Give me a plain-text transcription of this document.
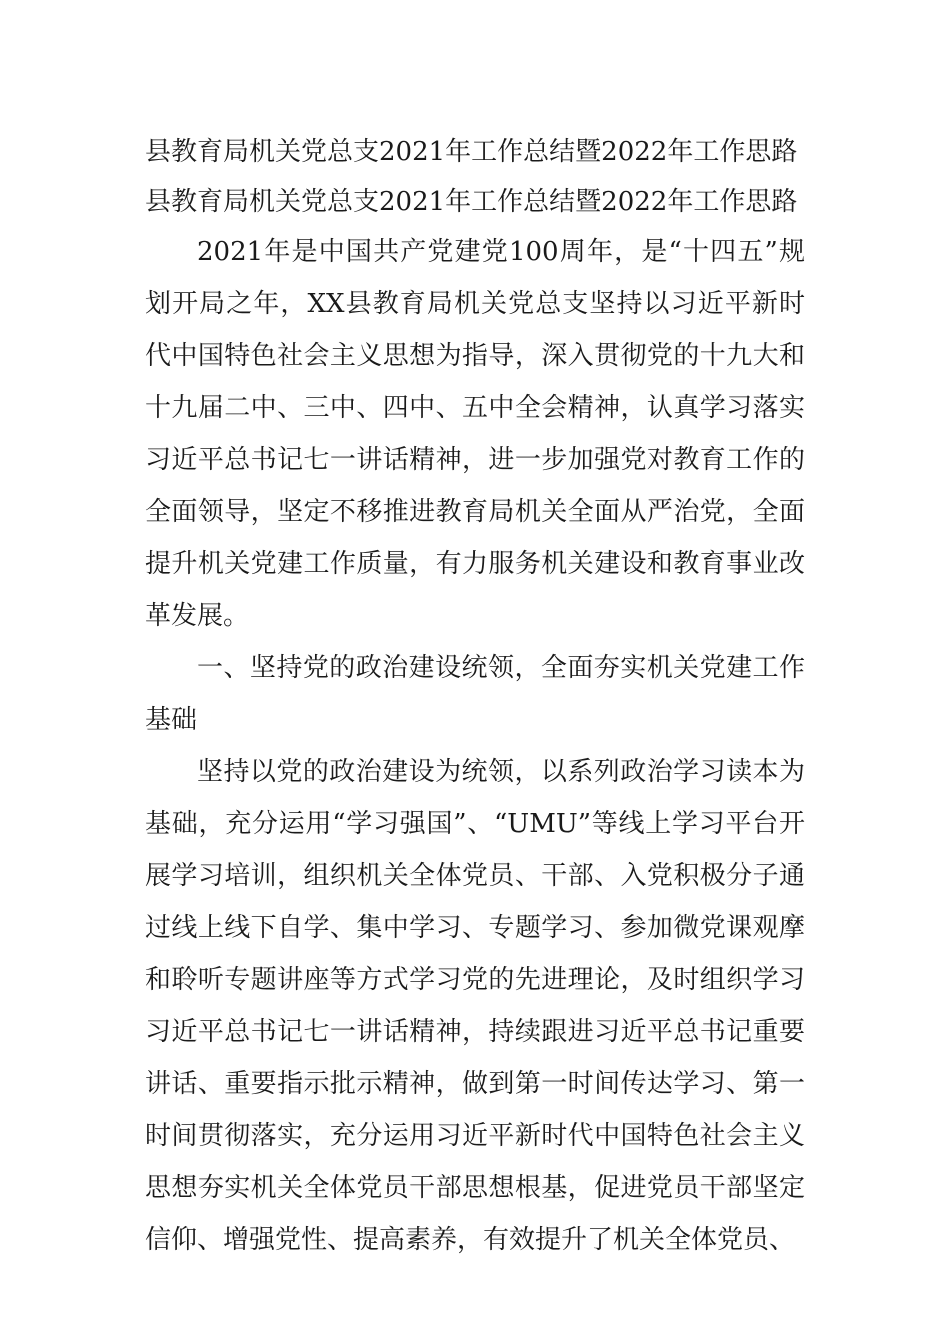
县教育局机关党总支2021年工作总结暨2022年工作思路
县教育局机关党总支2021年工作总结暨2022年工作思路

2021年是中国共产党建党100周年，是“十四五”规划开局之年，XX县教育局机关党总支坚持以习近平新时代中国特色社会主义思想为指导，深入贯彻党的十九大和十九届二中、三中、四中、五中全会精神，认真学习落实习近平总书记七一讲话精神，进一步加强党对教育工作的全面领导，坚定不移推进教育局机关全面从严治党，全面提升机关党建工作质量，有力服务机关建设和教育事业改革发展。

一、坚持党的政治建设统领，全面夯实机关党建工作基础

坚持以党的政治建设为统领，以系列政治学习读本为基础，充分运用“学习强国”、“UMU”等线上学习平台开展学习培训，组织机关全体党员、干部、入党积极分子通过线上线下自学、集中学习、专题学习、参加微党课观摩和聆听专题讲座等方式学习党的先进理论，及时组织学习习近平总书记七一讲话精神，持续跟进习近平总书记重要讲话、重要指示批示精神，做到第一时间传达学习、第一时间贯彻落实，充分运用习近平新时代中国特色社会主义思想夯实机关全体党员干部思想根基，促进党员干部坚定信仰、增强党性、提高素养，有效提升了机关全体党员、
